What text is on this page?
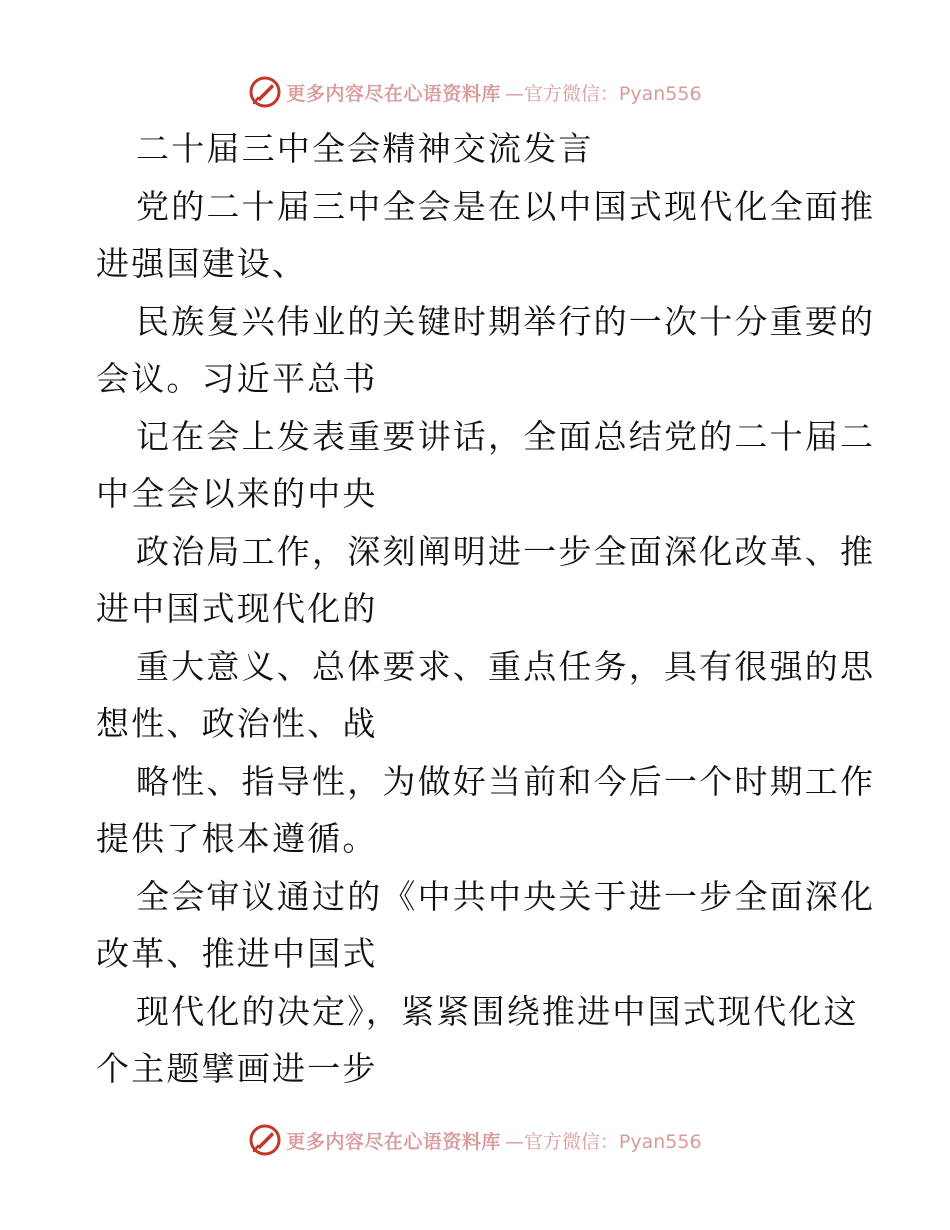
更多内容尽在心语资料库 —官方微信：Pyan556
二十届三中全会精神交流发言
党的二十届三中全会是在以中国式现代化全面推
进强国建设、
民族复兴伟业的关键时期举行的一次十分重要的
会议。习近平总书
记在会上发表重要讲话，全面总结党的二十届二
中全会以来的中央
政治局工作，深刻阐明进一步全面深化改革、推
进中国式现代化的
重大意义、总体要求、重点任务，具有很强的思
想性、政治性、战
略性、指导性，为做好当前和今后一个时期工作
提供了根本遵循。
全会审议通过的《中共中央关于进一步全面深化
改革、推进中国式
现代化的决定》，紧紧围绕推进中国式现代化这
个主题擘画进一步
更多内容尽在心语资料库 —官方微信：Pyan556
